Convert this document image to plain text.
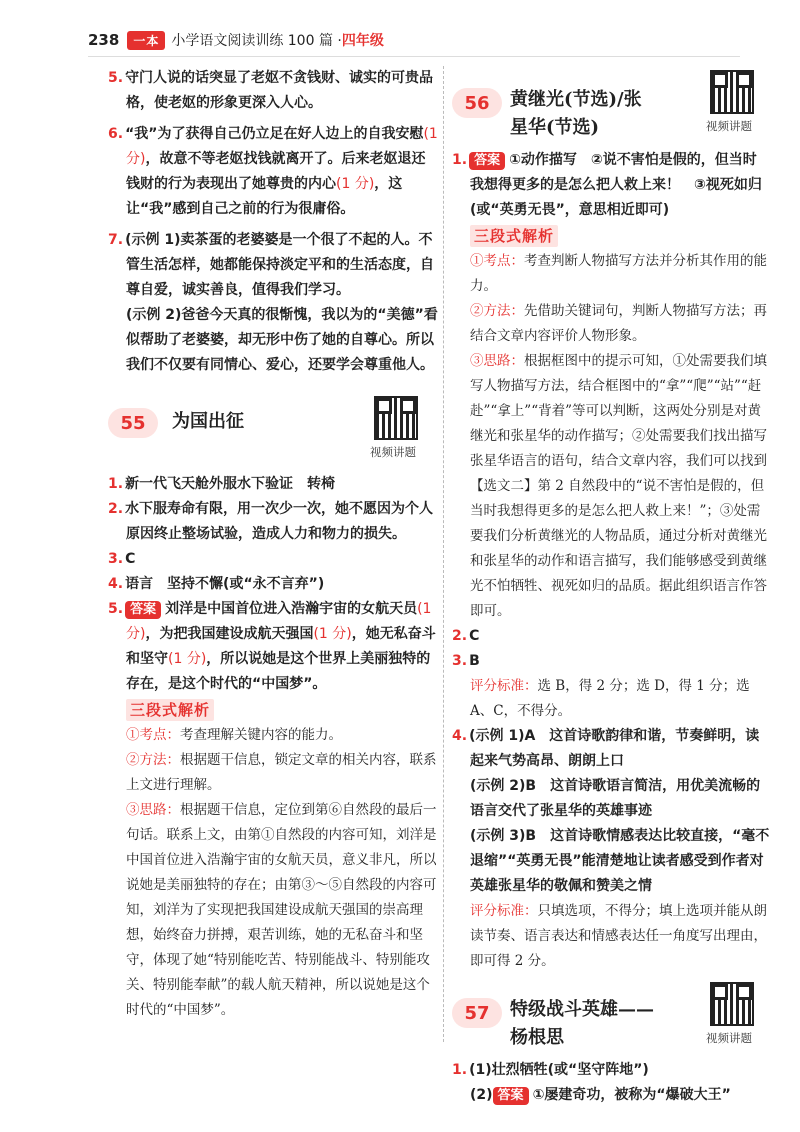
238	一本 小学语文阅读训练 100 篇 · 四年级

5. 守门人说的话突显了老妪不贪钱财、诚实的可贵品格，使老妪的形象更深入人心。

6. “我”为了获得自己仍立足在好人边上的自我安慰(1 分)，故意不等老妪找钱就离开了。后来老妪退还钱财的行为表现出了她尊贵的内心(1 分)，这让“我”感到自己之前的行为很庸俗。

7. (示例 1)卖茶蛋的老婆婆是一个很了不起的人。不管生活怎样，她都能保持淡定平和的生活态度，自尊自爱，诚实善良，值得我们学习。

(示例 2)爸爸今天真的很惭愧，我以为的“美德”看似帮助了老婆婆，却无形中伤了她的自尊心。所以我们不仅要有同情心、爱心，还要学会尊重他人。

55 为国出征
视频讲题

1. 新一代飞天舱外服水下验证　转椅

2. 水下服寿命有限，用一次少一次，她不愿因为个人原因终止整场试验，造成人力和物力的损失。

3. C

4. 语言　坚持不懈(或“永不言弃”)

5. 答案 刘洋是中国首位进入浩瀚宇宙的女航天员(1 分)，为把我国建设成航天强国(1 分)，她无私奋斗和坚守(1 分)，所以说她是这个世界上美丽独特的存在，是这个时代的“中国梦”。

三段式解析

①考点：考查理解关键内容的能力。

②方法：根据题干信息，锁定文章的相关内容，联系上文进行理解。

③思路：根据题干信息，定位到第⑥自然段的最后一句话。联系上文，由第①自然段的内容可知，刘洋是中国首位进入浩瀚宇宙的女航天员，意义非凡，所以说她是美丽独特的存在；由第③～⑤自然段的内容可知，刘洋为了实现把我国建设成航天强国的崇高理想，始终奋力拼搏，艰苦训练，她的无私奋斗和坚守，体现了她“特别能吃苦、特别能战斗、特别能攻关、特别能奉献”的载人航天精神，所以说她是这个时代的“中国梦”。

56 黄继光(节选)/张
星华(节选)	视频讲题

1. 答案 ①动作描写　②说不害怕是假的，但当时我想得更多的是怎么把人救上来！　③视死如归(或“英勇无畏”，意思相近即可)

三段式解析

①考点：考查判断人物描写方法并分析其作用的能力。

②方法：先借助关键词句，判断人物描写方法；再结合文章内容评价人物形象。

③思路：根据框图中的提示可知，①处需要我们填写人物描写方法，结合框图中的“拿”“爬”“站”“赶赴”“拿上”“背着”等可以判断，这两处分别是对黄继光和张星华的动作描写；②处需要我们找出描写张星华语言的语句，结合文章内容，我们可以找到【选文二】第 2 自然段中的“说不害怕是假的，但当时我想得更多的是怎么把人救上来！”；③处需要我们分析黄继光的人物品质，通过分析对黄继光和张星华的动作和语言描写，我们能够感受到黄继光不怕牺牲、视死如归的品质。据此组织语言作答即可。

2. C

3. B

评分标准：选 B，得 2 分；选 D，得 1 分；选 A、C，不得分。

4. (示例 1)A　这首诗歌韵律和谐，节奏鲜明，读起来气势高昂、朗朗上口

(示例 2)B　这首诗歌语言简洁，用优美流畅的语言交代了张星华的英雄事迹

(示例 3)B　这首诗歌情感表达比较直接，“毫不退缩”“英勇无畏”能清楚地让读者感受到作者对英雄张星华的敬佩和赞美之情

评分标准：只填选项，不得分；填上选项并能从朗读节奏、语言表达和情感表达任一角度写出理由，即可得 2 分。

57 特级战斗英雄——
杨根思	视频讲题

1. (1)壮烈牺牲(或“坚守阵地”)

(2) 答案 ①屡建奇功，被称为“爆破大王”
